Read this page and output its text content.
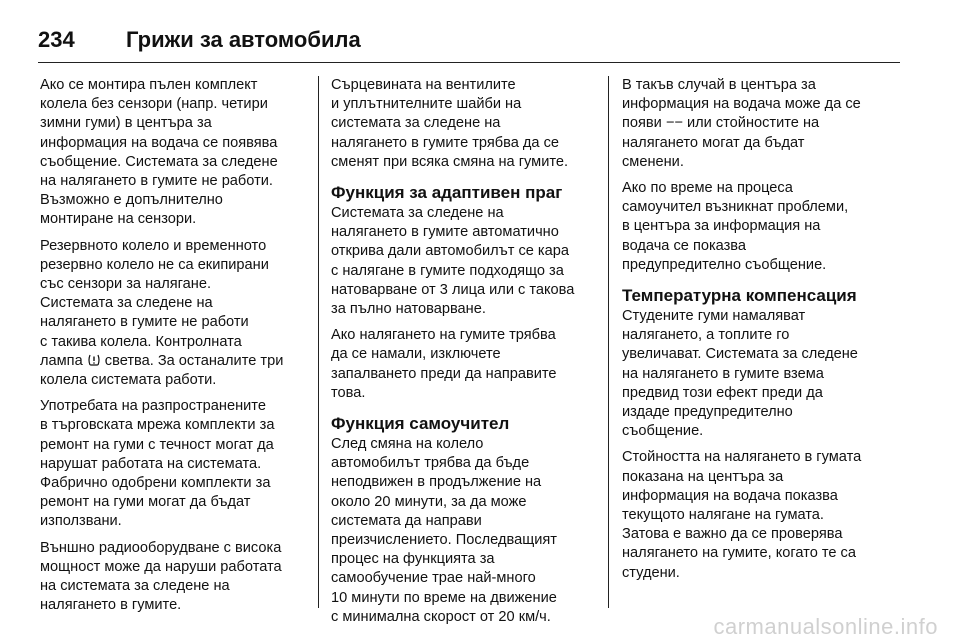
234	Грижи за автомобила

Ако се монтира пълен комплект
колела без сензори (напр. четири
зимни гуми) в центъра за
информация на водача се появява
съобщение. Системата за следене
на налягането в гумите не работи.
Възможно е допълнително
монтиране на сензори.

Резервното колело и временното
резервно колело не са екипирани
със сензори за налягане.
Системата за следене на
налягането в гумите не работи
с такива колела. Контролната
лампа  светва. За останалите три
колела системата работи.

Употребата на разпространените
в търговската мрежа комплекти за
ремонт на гуми с течност могат да
нарушат работата на системата.
Фабрично одобрени комплекти за
ремонт на гуми могат да бъдат
използвани.

Външно радиооборудване с висока
мощност може да наруши работата
на системата за следене на
налягането в гумите.

Сърцевината на вентилите
и уплътнителните шайби на
системата за следене на
налягането в гумите трябва да се
сменят при всяка смяна на гумите.

Функция за адаптивен праг

Системата за следене на
налягането в гумите автоматично
открива дали автомобилът се кара
с налягане в гумите подходящо за
натоварване от 3 лица или с такова
за пълно натоварване.

Ако налягането на гумите трябва
да се намали, изключете
запалването преди да направите
това.

Функция самоучител

След смяна на колело
автомобилът трябва да бъде
неподвижен в продължение на
около 20 минути, за да може
системата да направи
преизчислението. Последващият
процес на функцията за
самообучение трае най-много
10 минути по време на движение
с минимална скорост от 20 км/ч.

В такъв случай в центъра за
информация на водача може да се
появи −− или стойностите на
налягането могат да бъдат
сменени.

Ако по време на процеса
самоучител възникнат проблеми,
в центъра за информация на
водача се показва
предупредително съобщение.

Температурна компенсация

Студените гуми намаляват
налягането, а топлите го
увеличават. Системата за следене
на налягането в гумите взема
предвид този ефект преди да
издаде предупредително
съобщение.

Стойността на налягането в гумата
показана на центъра за
информация на водача показва
текущото налягане на гумата.
Затова е важно да се проверява
налягането на гумите, когато те са
студени.

carmanualsonline.info
